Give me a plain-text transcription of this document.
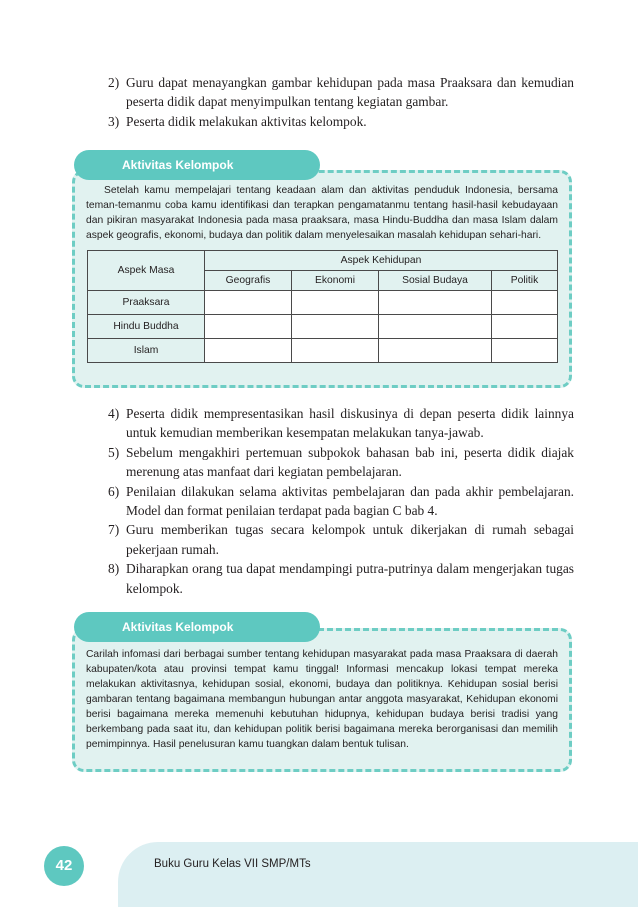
2) Guru dapat menayangkan gambar kehidupan pada masa Praaksara dan kemudian peserta didik dapat menyimpulkan tentang kegiatan gambar.
3) Peserta didik melakukan aktivitas kelompok.
Aktivitas Kelompok
Setelah kamu mempelajari tentang keadaan alam dan aktivitas penduduk Indonesia, bersama teman-temanmu coba kamu identifikasi dan terapkan pengamatanmu tentang hasil-hasil kebudayaan dan pikiran masyarakat Indonesia pada masa praaksara, masa Hindu-Buddha dan masa Islam dalam aspek geografis, ekonomi, budaya dan politik dalam menyelesaikan masalah kehidupan sehari-hari.
Aspek Masa	Aspek Kehidupan			
	Geografis	Ekonomi	Sosial Budaya	Politik
Praaksara				
Hindu Buddha				
Islam				
4) Peserta didik mempresentasikan hasil diskusinya di depan peserta didik lainnya untuk kemudian memberikan kesempatan melakukan tanya-jawab.
5) Sebelum mengakhiri pertemuan subpokok bahasan bab ini, peserta didik diajak merenung atas manfaat dari kegiatan pembelajaran.
6) Penilaian dilakukan selama aktivitas pembelajaran dan pada akhir pembelajaran. Model dan format penilaian terdapat pada bagian C bab 4.
7) Guru memberikan tugas secara kelompok untuk dikerjakan di rumah sebagai pekerjaan rumah.
8) Diharapkan orang tua dapat mendampingi putra-putrinya dalam mengerjakan tugas kelompok.
Aktivitas Kelompok
Carilah infomasi dari berbagai sumber tentang kehidupan masyarakat pada masa Praaksara di daerah kabupaten/kota atau provinsi tempat kamu tinggal! Informasi mencakup lokasi tempat mereka melakukan aktivitasnya, kehidupan sosial, ekonomi, budaya dan politiknya. Kehidupan sosial berisi gambaran tentang bagaimana membangun hubungan antar anggota masyarakat, Kehidupan ekonomi berisi bagaimana mereka memenuhi kebutuhan hidupnya, kehidupan budaya berisi tradisi yang berkembang pada saat itu, dan kehidupan politik berisi bagaimana mereka berorganisasi dan memilih pemimpinnya. Hasil penelusuran kamu tuangkan dalam bentuk tulisan.
42	Buku Guru Kelas VII SMP/MTs
